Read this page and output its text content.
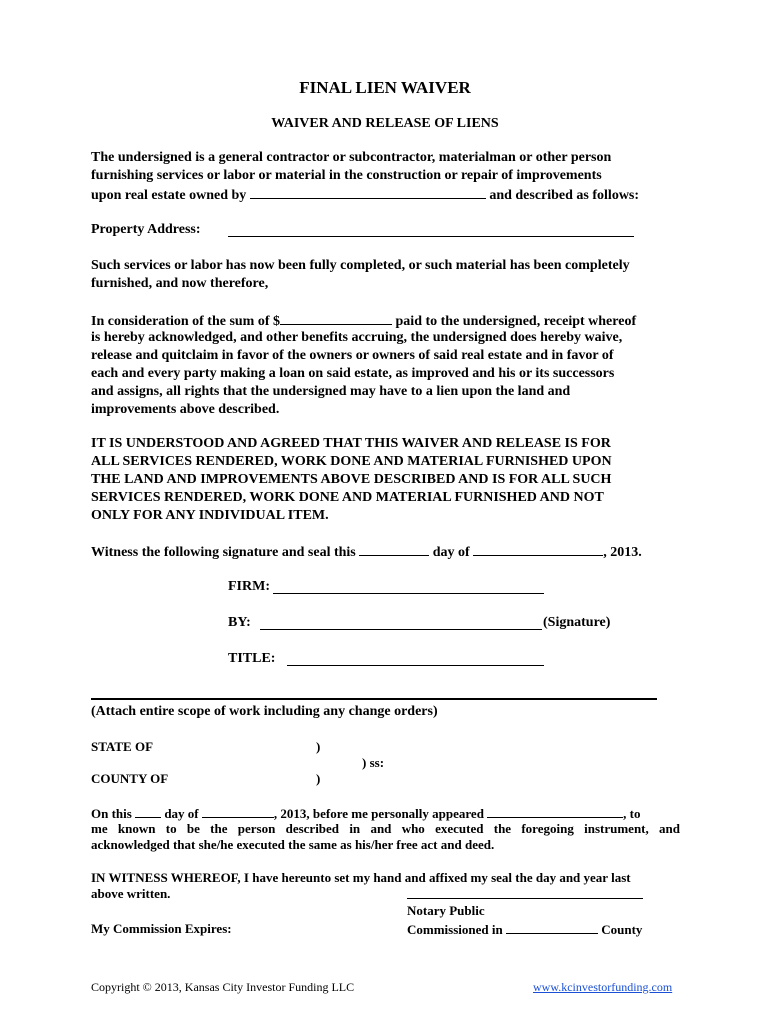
FINAL LIEN WAIVER
WAIVER AND RELEASE OF LIENS
The undersigned is a general contractor or subcontractor, materialman or other person
furnishing services or labor or material in the construction or repair of improvements
upon real estate owned by	and described as follows:
Property Address:
Such services or labor has now been fully completed, or such material has been completely
furnished, and now therefore,
In consideration of the sum of $	paid to the undersigned, receipt whereof
is hereby acknowledged, and other benefits accruing, the undersigned does hereby waive,
release and quitclaim in favor of the owners or owners of said real estate and in favor of
each and every party making a loan on said estate, as improved and his or its successors
and assigns, all rights that the undersigned may have to a lien upon the land and
improvements above described.
IT IS UNDERSTOOD AND AGREED THAT THIS WAIVER AND RELEASE IS FOR
ALL SERVICES RENDERED, WORK DONE AND MATERIAL FURNISHED UPON
THE LAND AND IMPROVEMENTS ABOVE DESCRIBED AND IS FOR ALL SUCH
SERVICES RENDERED, WORK DONE AND MATERIAL FURNISHED AND NOT
ONLY FOR ANY INDIVIDUAL ITEM.
Witness the following signature and seal this	day of	, 2013.
FIRM:
BY:	(Signature)
TITLE:
(Attach entire scope of work including any change orders)
STATE OF	)
) ss:
COUNTY OF	)
On this	day of	, 2013, before me personally appeared	, to
me known to be the person described in and who executed the foregoing instrument, and
acknowledged that she/he executed the same as his/her free act and deed.
IN WITNESS WHEREOF, I have hereunto set my hand and affixed my seal the day and year last
above written.
Notary Public
My Commission Expires:	Commissioned in	County
Copyright © 2013, Kansas City Investor Funding LLC	www.kcinvestorfunding.com
